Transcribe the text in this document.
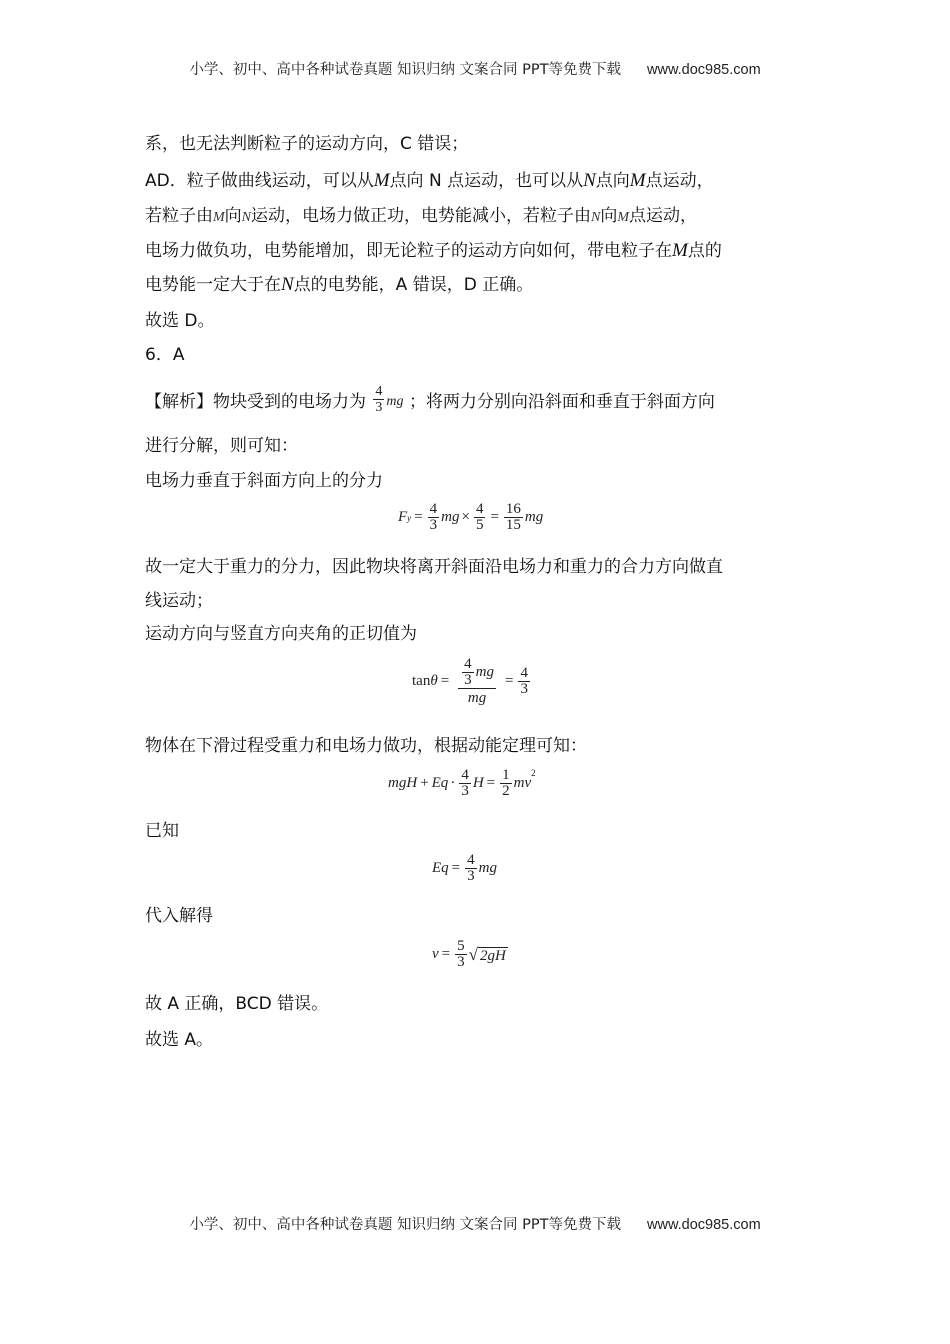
小学、初中、高中各种试卷真题 知识归纳 文案合同 PPT等免费下载 www.doc985.com
系，也无法判断粒子的运动方向，C 错误；
AD．粒子做曲线运动，可以从M点向 N 点运动，也可以从N点向M点运动，
若粒子由M向N运动，电场力做正功，电势能减小，若粒子由N向M点运动，
电场力做负功，电势能增加，即无论粒子的运动方向如何，带电粒子在M点的
电势能一定大于在N点的电势能，A 错误，D 正确。
故选 D。
6．A
【解析】物块受到的电场力为 $\frac{4}{3}$ mg ；将两力分别向沿斜面和垂直于斜面方向
进行分解，则可知：
电场力垂直于斜面方向上的分力
F $y = \frac{4}{3}$ mg × $\frac{4}{5} = \frac{16}{15}$ mg
故一定大于重力的分力，因此物块将离开斜面沿电场力和重力的合力方向做直
线运动；
运动方向与竖直方向夹角的正切值为
$\tan \theta = \frac{\frac{4}{3} mg}{mg} = \frac{4}{3}$
物体在下滑过程受重力和电场力做功，根据动能定理可知：
mgH + $Eq \cdot \frac{4}{3}$ $H = \frac{1}{2}$ mv
$^2$
已知
$Eq = \frac{4}{3}$ mg
代入解得
$v = \frac{5}{3}$ √ 2gH
故 A 正确，BCD 错误。
故选 A。
小学、初中、高中各种试卷真题 知识归纳 文案合同 PPT等免费下载 www.doc985.com
